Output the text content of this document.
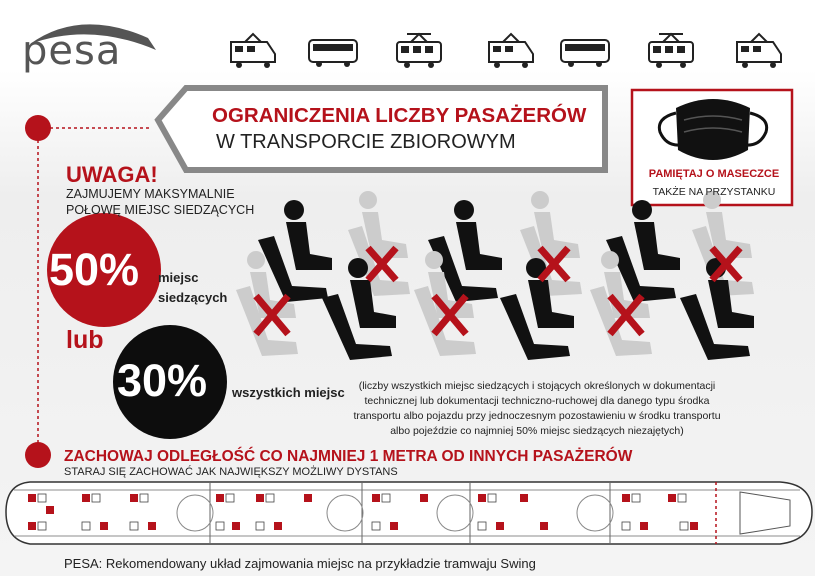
pesa
OGRANICZENIA LICZBY PASAŻERÓW
W TRANSPORCIE ZBIOROWYM
PAMIĘTAJ O MASECZCE
TAKŻE NA PRZYSTANKU
UWAGA!
ZAJMUJEMY MAKSYMALNIE
POŁOWĘ MIEJSC SIEDZĄCYCH
50% miejsc
siedzących
lub
30% wszystkich miejsc	(liczby wszystkich miejsc siedzących i stojących określonych w dokumentacji
technicznej lub dokumentacji techniczno-ruchowej dla danego typu środka
transportu albo pojazdu przy jednoczesnym pozostawieniu w środku transportu
albo pojeździe co najmniej 50% miejsc siedzących niezajętych)
ZACHOWAJ ODLEGŁOŚĆ CO NAJMNIEJ 1 METRA OD INNYCH PASAŻERÓW
STARAJ SIĘ ZACHOWAĆ JAK NAJWIĘKSZY MOŻLIWY DYSTANS
PESA: Rekomendowany układ zajmowania miejsc na przykładzie tramwaju Swing
